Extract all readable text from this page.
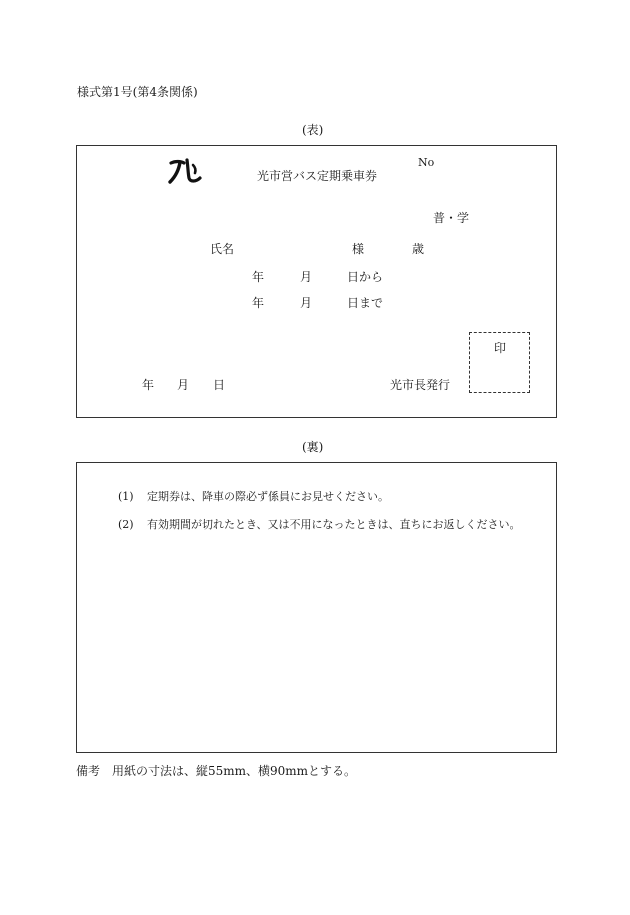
様式第1号(第4条関係)
(表)
No
光市営バス定期乗車券
普・学
氏名	様	歳
年	月	日から
年	月	日まで
印
年 月 日	光市長発行
(裏)
(1) 定期券は、降車の際必ず係員にお見せください。
(2) 有効期間が切れたとき、又は不用になったときは、直ちにお返しください。
備考　用紙の寸法は、縦55mm、横90mmとする。
